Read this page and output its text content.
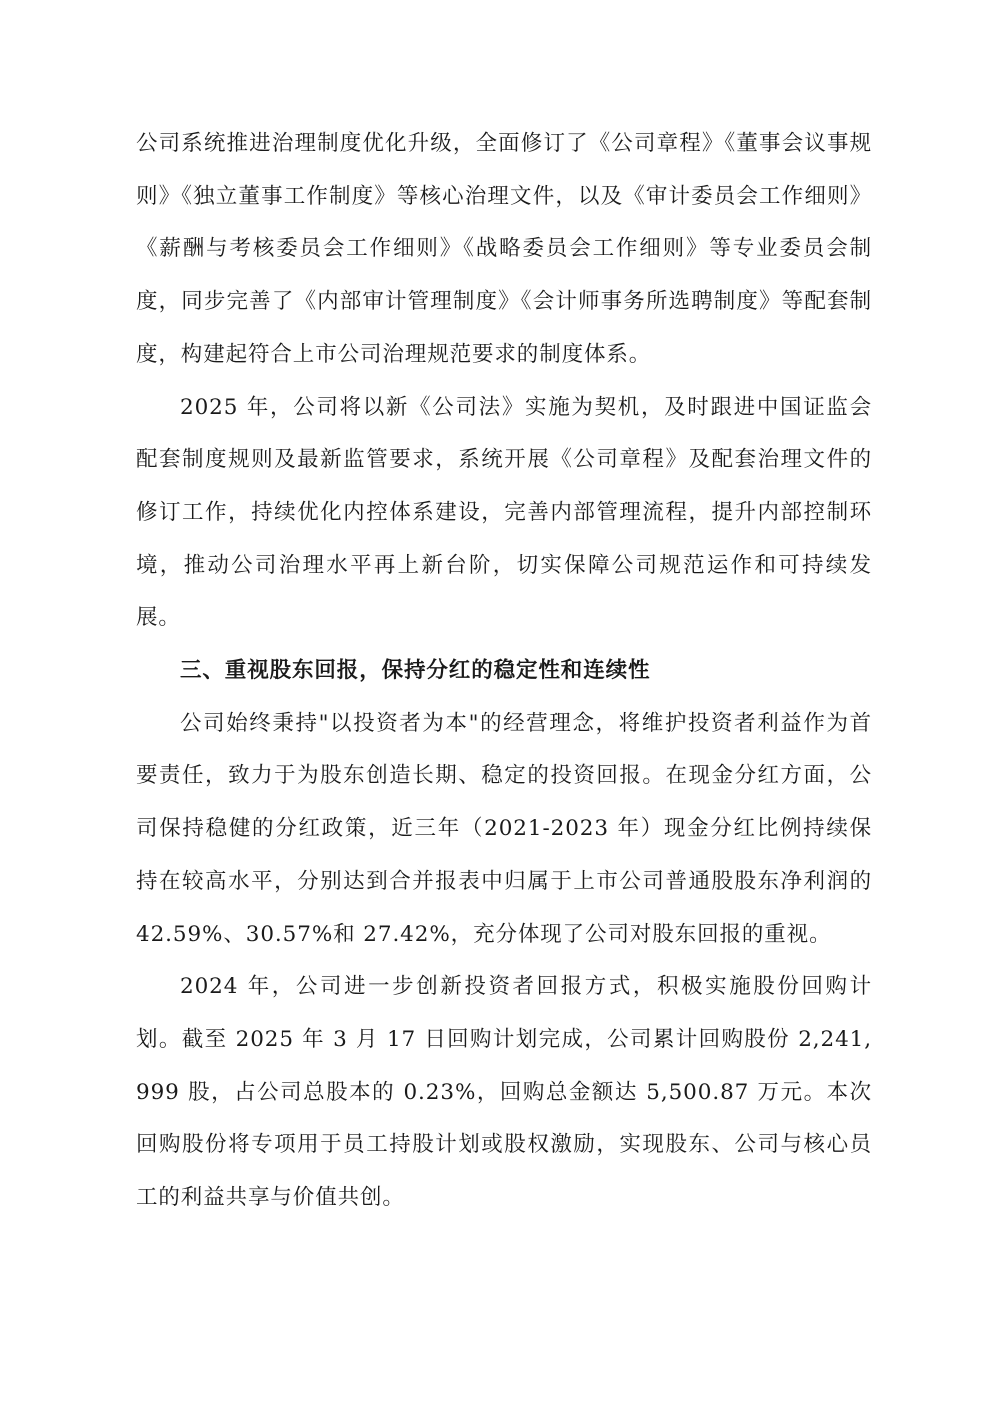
公司系统推进治理制度优化升级，全面修订了《公司章程》《董事会议事规则》《独立董事工作制度》等核心治理文件，以及《审计委员会工作细则》《薪酬与考核委员会工作细则》《战略委员会工作细则》等专业委员会制度，同步完善了《内部审计管理制度》《会计师事务所选聘制度》等配套制度，构建起符合上市公司治理规范要求的制度体系。

2025 年，公司将以新《公司法》实施为契机，及时跟进中国证监会配套制度规则及最新监管要求，系统开展《公司章程》及配套治理文件的修订工作，持续优化内控体系建设，完善内部管理流程，提升内部控制环境，推动公司治理水平再上新台阶，切实保障公司规范运作和可持续发展。

三、重视股东回报，保持分红的稳定性和连续性

公司始终秉持"以投资者为本"的经营理念，将维护投资者利益作为首要责任，致力于为股东创造长期、稳定的投资回报。在现金分红方面，公司保持稳健的分红政策，近三年（2021-2023 年）现金分红比例持续保持在较高水平，分别达到合并报表中归属于上市公司普通股股东净利润的 42.59%、30.57%和 27.42%，充分体现了公司对股东回报的重视。

2024 年，公司进一步创新投资者回报方式，积极实施股份回购计划。截至 2025 年 3 月 17 日回购计划完成，公司累计回购股份 2,241,999 股，占公司总股本的 0.23%，回购总金额达 5,500.87 万元。本次回购股份将专项用于员工持股计划或股权激励，实现股东、公司与核心员工的利益共享与价值共创。
